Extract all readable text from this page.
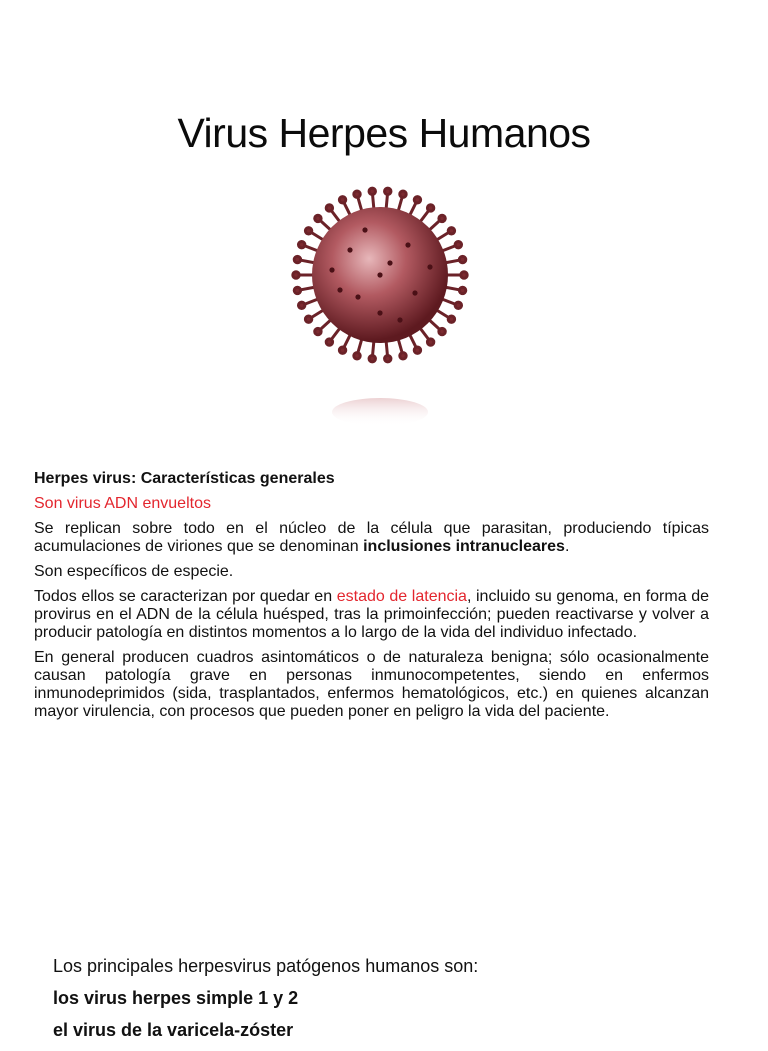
Virus Herpes Humanos

Herpes virus: Características generales

Son virus ADN envueltos

Se replican sobre todo en el núcleo de la célula que parasitan, produciendo típicas acumulaciones de viriones que se denominan inclusiones intranucleares.

Son específicos de especie.

Todos ellos se caracterizan por quedar en estado de latencia, incluido su genoma, en forma de provirus en el ADN de la célula huésped, tras la primoinfección; pueden reactivarse y volver a producir patología en distintos momentos a lo largo de la vida del individuo infectado.

En general producen cuadros asintomáticos o de naturaleza benigna; sólo ocasionalmente causan patología grave en personas inmunocompetentes, siendo en enfermos inmunodeprimidos (sida, trasplantados, enfermos hematológicos, etc.) en quienes alcanzan mayor virulencia, con procesos que pueden poner en peligro la vida del paciente.

Los principales herpesvirus patógenos humanos son:

los virus herpes simple 1 y 2

el virus de la varicela-zóster
